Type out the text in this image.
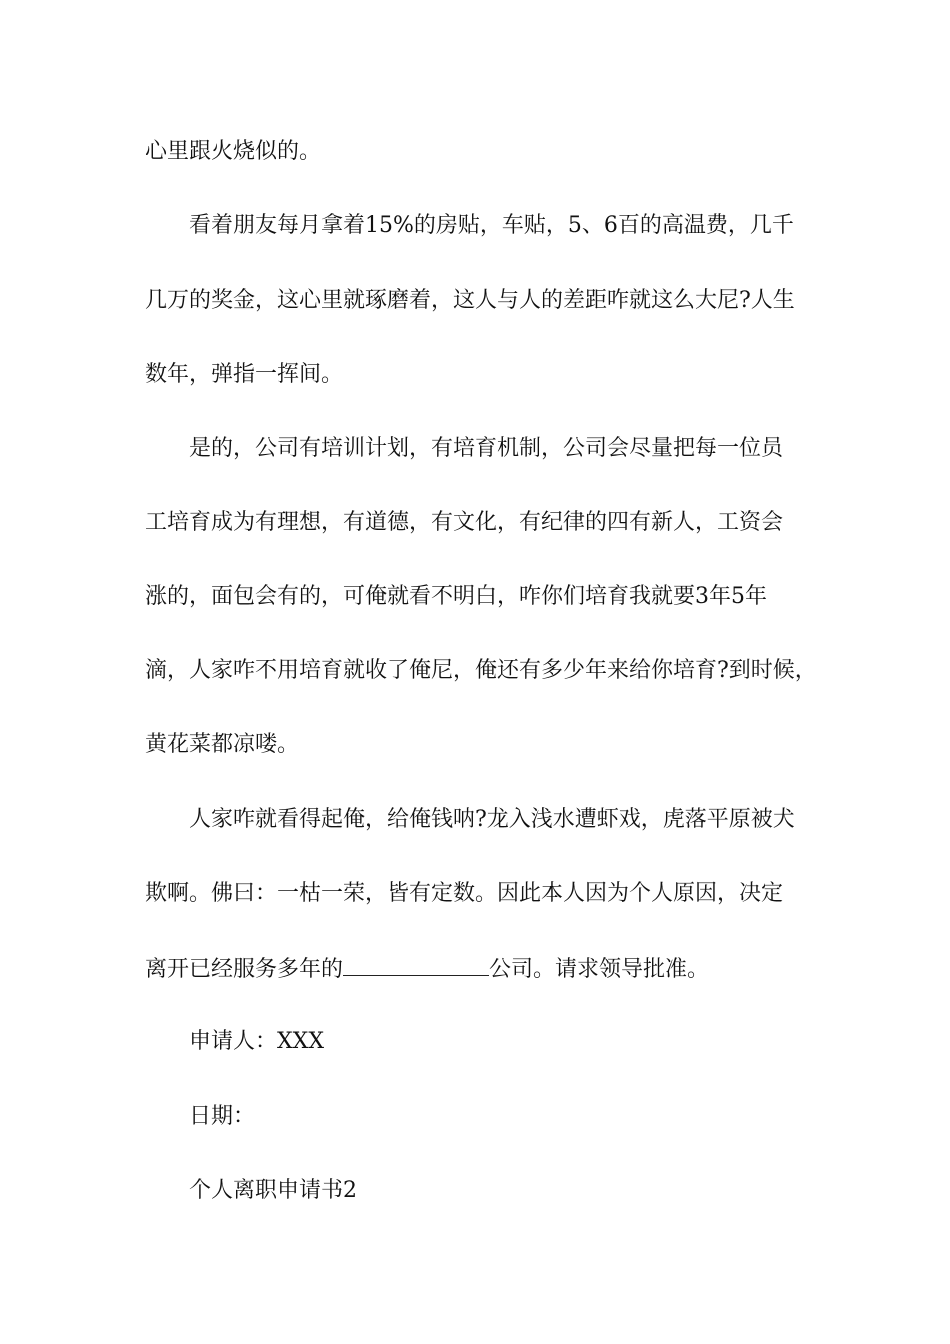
心里跟火烧似的。
看着朋友每月拿着15%的房贴，车贴，5、6百的高温费，几千
几万的奖金，这心里就琢磨着，这人与人的差距咋就这么大尼?人生
数年，弹指一挥间。
是的，公司有培训计划，有培育机制，公司会尽量把每一位员
工培育成为有理想，有道德，有文化，有纪律的四有新人，工资会
涨的，面包会有的，可俺就看不明白，咋你们培育我就要3年5年
滴，人家咋不用培育就收了俺尼，俺还有多少年来给你培育?到时候，
黄花菜都凉喽。
人家咋就看得起俺，给俺钱呐?龙入浅水遭虾戏，虎落平原被犬
欺啊。佛曰：一枯一荣，皆有定数。因此本人因为个人原因，决定
离开已经服务多年的	公司。请求领导批准。
申请人：XXX
日期：
个人离职申请书2
